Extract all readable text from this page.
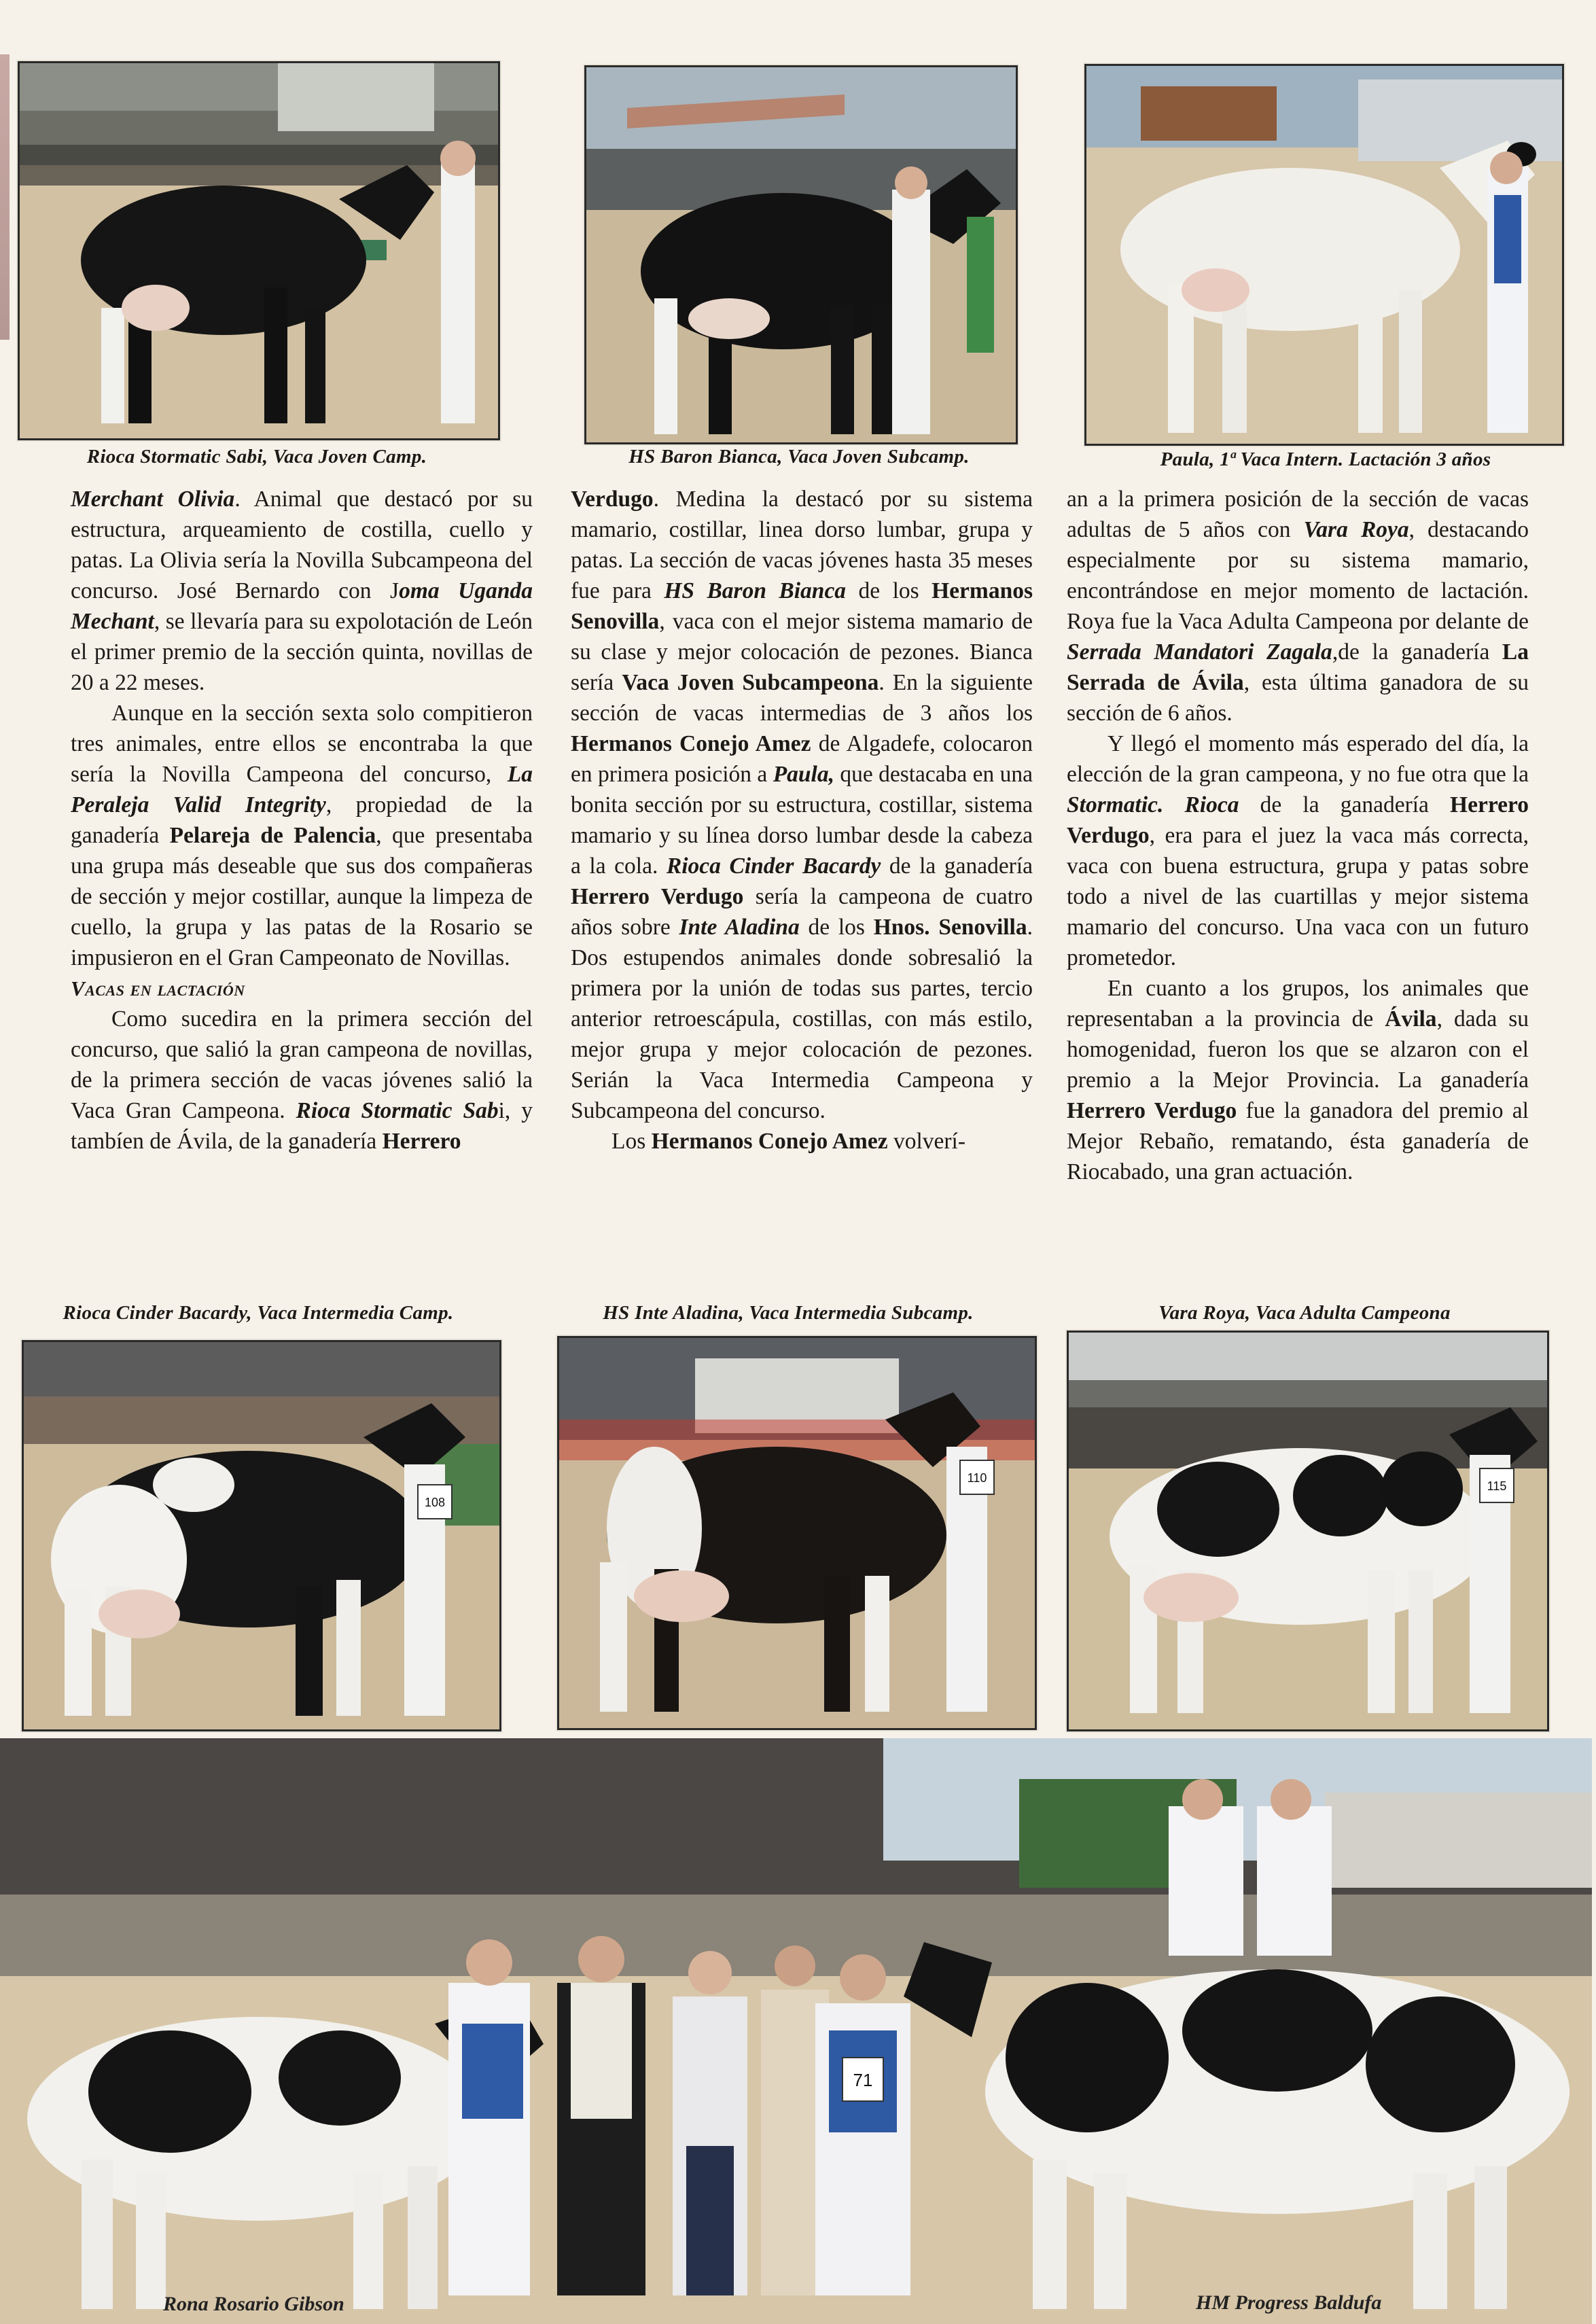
Rioca Stormatic Sabi, Vaca Joven Camp.	HS Baron Bianca, Vaca Joven Subcamp.	Paula, 1ª Vaca Intern. Lactación 3 años

Merchant Olivia. Animal que destacó por su estructura, arqueamiento de costilla, cuello y patas. La Olivia sería la Novilla Subcampeona del concurso. José Bernardo con Joma Uganda Mechant, se llevaría para su expolotación de León el primer premio de la sección quinta, novillas de 20 a 22 meses.

Aunque en la sección sexta solo compitieron tres animales, entre ellos se encontraba la que sería la Novilla Campeona del concurso, La Peraleja Valid Integrity, propiedad de la ganadería Pelareja de Palencia, que presentaba una grupa más deseable que sus dos compañeras de sección y mejor costillar, aunque la limpeza de cuello, la grupa y las patas de la Rosario se impusieron en el Gran Campeonato de Novillas.

Vacas en lactación

Como sucedira en la primera sección del concurso, que salió la gran campeona de novillas, de la primera sección de vacas jóvenes salió la Vaca Gran Campeona. Rioca Stormatic Sabi, y tambíen de Ávila, de la ganadería Herrero

Verdugo. Medina la destacó por su sistema mamario, costillar, linea dorso lumbar, grupa y patas. La sección de vacas jóvenes hasta 35 meses fue para HS Baron Bianca de los Hermanos Senovilla, vaca con el mejor sistema mamario de su clase y mejor colocación de pezones. Bianca sería Vaca Joven Subcampeona. En la siguiente sección de vacas intermedias de 3 años los Hermanos Conejo Amez de Algadefe, colocaron en primera posición a Paula, que destacaba en una bonita sección por su estructura, costillar, sistema mamario y su línea dorso lumbar desde la cabeza a la cola. Rioca Cinder Bacardy de la ganadería Herrero Verdugo sería la campeona de cuatro años sobre Inte Aladina de los Hnos. Senovilla. Dos estupendos animales donde sobresalió la primera por la unión de todas sus partes, tercio anterior retroescápula, costillas, con más estilo, mejor grupa y mejor colocación de pezones. Serián la Vaca Intermedia Campeona y Subcampeona del concurso.

Los Hermanos Conejo Amez volverí-

an a la primera posición de la sección de vacas adultas de 5 años con Vara Roya, destacando especialmente por su sistema mamario, encontrándose en mejor momento de lactación. Roya fue la Vaca Adulta Campeona por delante de Serrada Mandatori Zagala,de la ganadería La Serrada de Ávila, esta última ganadora de su sección de 6 años.

Y llegó el momento más esperado del día, la elección de la gran campeona, y no fue otra que la Stormatic. Rioca de la ganadería Herrero Verdugo, era para el juez la vaca más correcta, vaca con buena estructura, grupa y patas sobre todo a nivel de las cuartillas y mejor sistema mamario del concurso. Una vaca con un futuro prometedor.

En cuanto a los grupos, los animales que representaban a la provincia de Ávila, dada su homogenidad, fueron los que se alzaron con el premio a la Mejor Provincia. La ganadería Herrero Verdugo fue la ganadora del premio al Mejor Rebaño, rematando, ésta ganadería de Riocabado, una gran actuación.

Rioca Cinder Bacardy, Vaca Intermedia Camp.	HS Inte Aladina, Vaca Intermedia Subcamp.	Vara Roya, Vaca Adulta Campeona

108
110
115
71

Rona Rosario Gibson	HM Progress Baldufa
